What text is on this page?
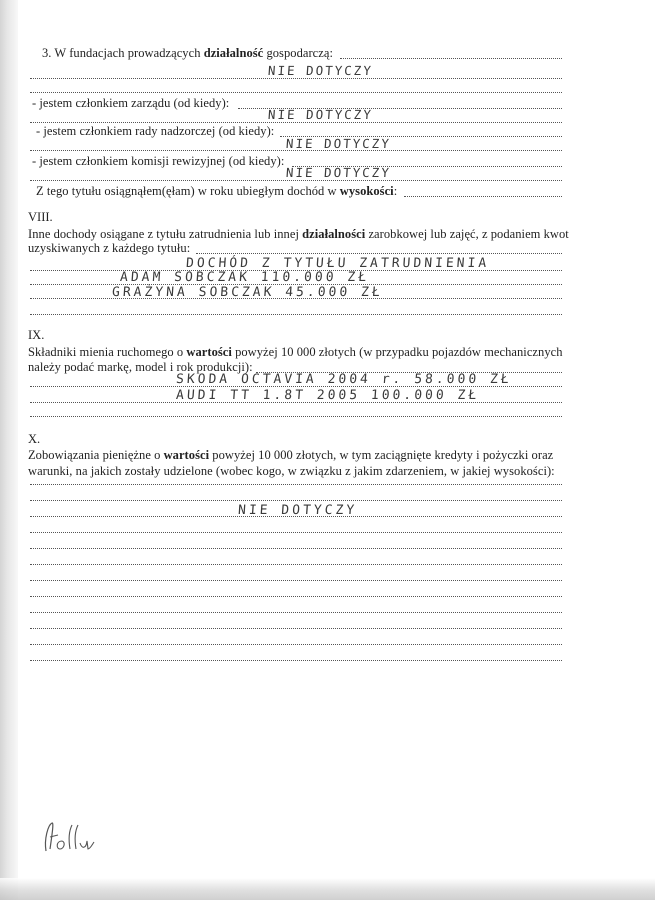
3. W fundacjach prowadzących działalność gospodarczą:
NIE DOTYCZY
- jestem członkiem zarządu (od kiedy):
NIE DOTYCZY
- jestem członkiem rady nadzorczej (od kiedy):
NIE DOTYCZY
- jestem członkiem komisji rewizyjnej (od kiedy):
NIE DOTYCZY
Z tego tytułu osiągnąłem(ęłam) w roku ubiegłym dochód w wysokości:
VIII.
Inne dochody osiągane z tytułu zatrudnienia lub innej działalności zarobkowej lub zajęć, z podaniem kwot
uzyskiwanych z każdego tytułu:
DOCHÓD Z TYTUŁU ZATRUDNIENIA
ADAM SOBCZAK 110.000 ZŁ
GRAŻYNA SOBCZAK 45.000 ZŁ
IX.
Składniki mienia ruchomego o wartości powyżej 10 000 złotych (w przypadku pojazdów mechanicznych
należy podać markę, model i rok produkcji):
SKODA OCTAVIA 2004 r. 58.000 ZŁ
AUDI TT 1.8T 2005 100.000 ZŁ
X.
Zobowiązania pieniężne o wartości powyżej 10 000 złotych, w tym zaciągnięte kredyty i pożyczki oraz
warunki, na jakich zostały udzielone (wobec kogo, w związku z jakim zdarzeniem, w jakiej wysokości):
NIE DOTYCZY
